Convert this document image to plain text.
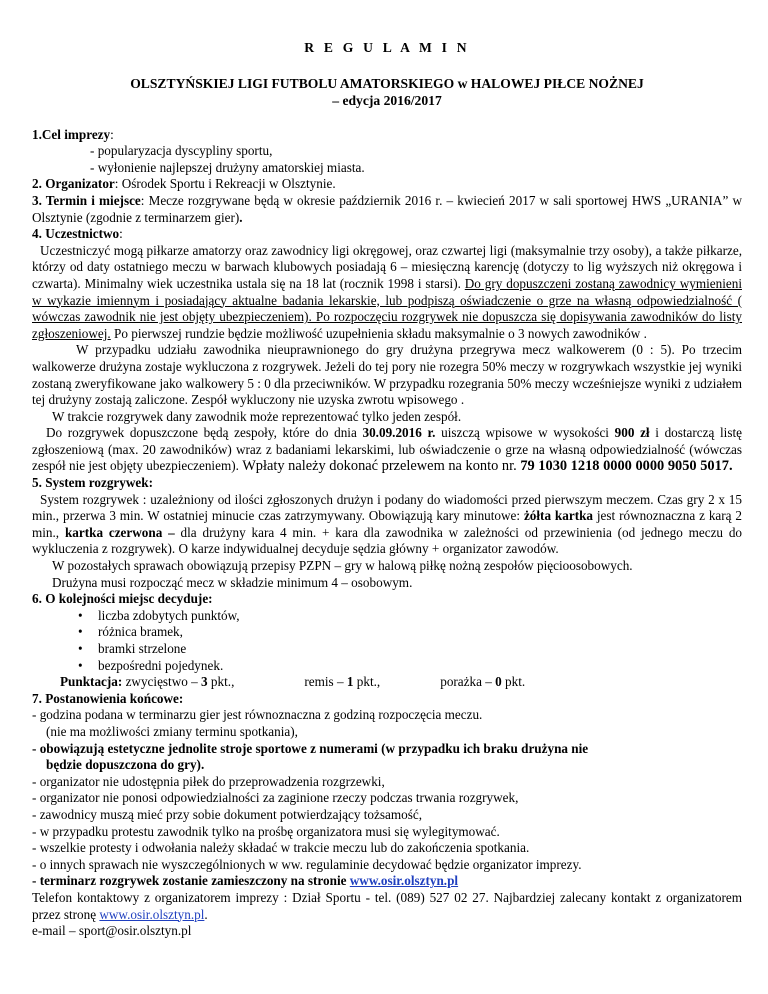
R E G U L A M I N
OLSZTYŃSKIEJ LIGI FUTBOLU AMATORSKIEGO w HALOWEJ PIŁCE NOŻNEJ
– edycja 2016/2017

1.Cel imprezy:

- popularyzacja dyscypliny sportu,

- wyłonienie najlepszej drużyny amatorskiej miasta.

2. Organizator: Ośrodek Sportu i Rekreacji w Olsztynie.

3. Termin i miejsce: Mecze rozgrywane będą w okresie październik 2016 r. – kwiecień 2017 w sali sportowej HWS „URANIA” w Olsztynie (zgodnie z terminarzem gier).

4. Uczestnictwo:

Uczestniczyć mogą piłkarze amatorzy oraz zawodnicy ligi okręgowej, oraz czwartej ligi (maksymalnie trzy osoby), a także piłkarze, którzy od daty ostatniego meczu w barwach klubowych posiadają 6 – miesięczną karencję (dotyczy to lig wyższych niż okręgowa i czwarta). Minimalny wiek uczestnika ustala się na 18 lat (rocznik 1998 i starsi). Do gry dopuszczeni zostaną zawodnicy wymienieni w wykazie imiennym i posiadający aktualne badania lekarskie, lub podpiszą oświadczenie o grze na własną odpowiedzialność ( wówczas zawodnik nie jest objęty ubezpieczeniem). Po rozpoczęciu rozgrywek nie dopuszcza się dopisywania zawodników do listy zgłoszeniowej. Po pierwszej rundzie będzie możliwość uzupełnienia składu maksymalnie o 3 nowych zawodników .

W przypadku udziału zawodnika nieuprawnionego do gry drużyna przegrywa mecz walkowerem (0 : 5). Po trzecim walkowerze drużyna zostaje wykluczona z rozgrywek. Jeżeli do tej pory nie rozegra 50% meczy w rozgrywkach wszystkie jej wyniki zostaną zweryfikowane jako walkowery 5 : 0 dla przeciwników. W przypadku rozegrania 50% meczy wcześniejsze wyniki z udziałem tej drużyny zostają zaliczone. Zespół wykluczony nie uzyska zwrotu wpisowego .

W trakcie rozgrywek dany zawodnik może reprezentować tylko jeden zespół.

Do rozgrywek dopuszczone będą zespoły, które do dnia 30.09.2016 r. uiszczą wpisowe w wysokości 900 zł i dostarczą listę zgłoszeniową (max. 20 zawodników) wraz z badaniami lekarskimi, lub oświadczenie o grze na własną odpowiedzialność (wówczas zespół nie jest objęty ubezpieczeniem). Wpłaty należy dokonać przelewem na konto nr. 79 1030 1218 0000 0000 9050 5017.

5. System rozgrywek:

System rozgrywek : uzależniony od ilości zgłoszonych drużyn i podany do wiadomości przed pierwszym meczem. Czas gry 2 x 15 min., przerwa 3 min. W ostatniej minucie czas zatrzymywany. Obowiązują kary minutowe: żółta kartka jest równoznaczna z karą 2 min., kartka czerwona – dla drużyny kara 4 min. + kara dla zawodnika w zależności od przewinienia (od jednego meczu do wykluczenia z rozgrywek). O karze indywidualnej decyduje sędzia główny + organizator zawodów.

W pozostałych sprawach obowiązują przepisy PZPN – gry w halową piłkę nożną zespołów pięcioosobowych.

Drużyna musi rozpocząć mecz w składzie minimum 4 – osobowym.

6. O kolejności miejsc decyduje:

• liczba zdobytych punktów,
• różnica bramek,
• bramki strzelone
• bezpośredni pojedynek.

Punktacja: zwycięstwo – 3 pkt.,	remis – 1 pkt.,	porażka – 0 pkt.

7. Postanowienia końcowe:

- godzina podana w terminarzu gier jest równoznaczna z godziną rozpoczęcia meczu.

(nie ma możliwości zmiany terminu spotkania),

- obowiązują estetyczne jednolite stroje sportowe z numerami (w przypadku ich braku drużyna nie

będzie dopuszczona do gry).

- organizator nie udostępnia piłek do przeprowadzenia rozgrzewki,

- organizator nie ponosi odpowiedzialności za zaginione rzeczy podczas trwania rozgrywek,

- zawodnicy muszą mieć przy sobie dokument potwierdzający tożsamość,

- w przypadku protestu zawodnik tylko na prośbę organizatora musi się wylegitymować.

- wszelkie protesty i odwołania należy składać w trakcie meczu lub do zakończenia spotkania.

- o innych sprawach nie wyszczególnionych w ww. regulaminie decydować będzie organizator imprezy.

- terminarz rozgrywek zostanie zamieszczony na stronie www.osir.olsztyn.pl

Telefon kontaktowy z organizatorem imprezy : Dział Sportu - tel. (089) 527 02 27. Najbardziej zalecany kontakt z organizatorem przez stronę www.osir.olsztyn.pl.

e-mail – sport@osir.olsztyn.pl
